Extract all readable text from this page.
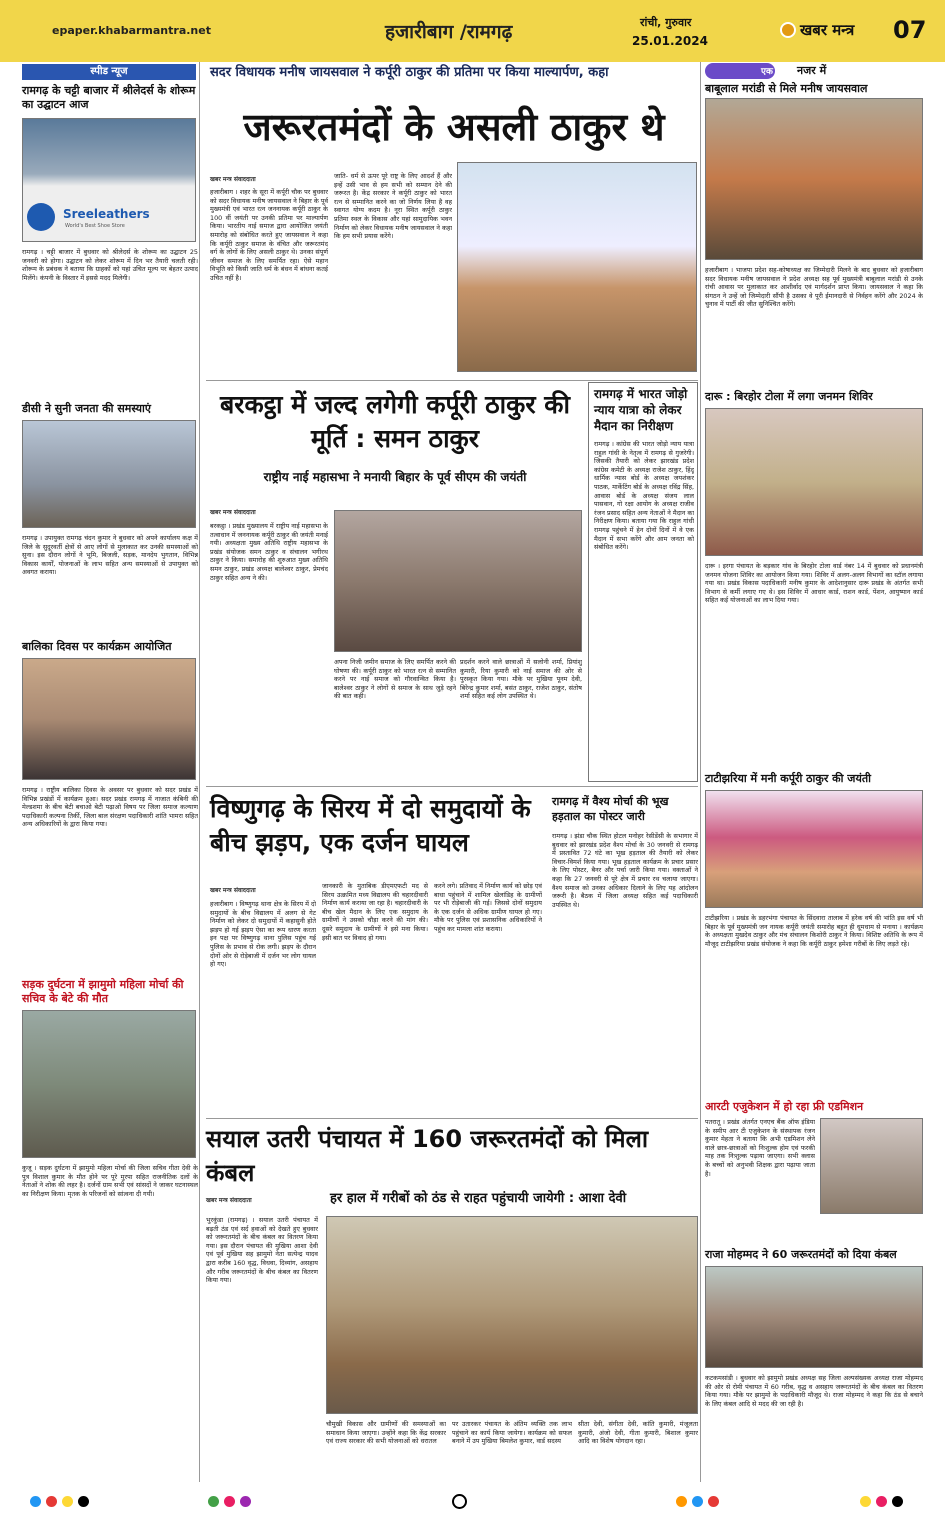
epaper.khabarmantra.net	हजारीबाग /रामगढ़	रांची, गुरुवार
25.01.2024
खबर मन्त्र 07
स्पीड न्यूज
रामगढ़ के चट्टी बाजार में श्रीलेदर्स के शोरूम का उद्घाटन आज
Sreeleathers
World's Best Shoe Store
रामगढ़ । चट्टी बाजार में बुधवार को श्रीलेदर्स के शोरूम का उद्घाटन 25 जनवरी को होगा। उद्घाटन को लेकर शोरूम में दिन भर तैयारी चलती रही। शोरूम के प्रबंधक ने बताया कि ग्राहकों को यहां उचित मूल्य पर बेहतर उत्पाद मिलेंगे। कंपनी के विस्तार में इससे मदद मिलेगी।
डीसी ने सुनी जनता की समस्याएं
रामगढ़ । उपायुक्त रामगढ़ चंदन कुमार ने बुधवार को अपने कार्यालय कक्ष में जिले के सुदूरवर्ती क्षेत्रों से आए लोगों से मुलाकात कर उनकी समस्याओं को सुना। इस दौरान लोगों ने भूमि, बिजली, सड़क, मानदेय भुगतान, विभिन्न विकास कार्यों, योजनाओं के लाभ सहित अन्य समस्याओं से उपायुक्त को अवगत कराया।
बालिका दिवस पर कार्यक्रम आयोजित
रामगढ़ । राष्ट्रीय बालिका दिवस के अवसर पर बुधवार को सदर प्रखंड में विभिन्न प्रखंडों में कार्यक्रम हुआ। सदर प्रखंड रामगढ़ में नाजात कंबिनी की मेल्डशमा के बीच बेटी बचाओ बेटी पढ़ाओ विषय पर जिला समाज कल्याण पदाधिकारी कल्पना तिर्की, जिला बाल संरक्षण पदाधिकारी शांति भामरा सहित अन्य अधिकारियों के द्वारा किया गया।
सड़क दुर्घटना में झामुमो महिला मोर्चा की सचिव के बेटे की मौत
कुजू । सड़क दुर्घटना में झामुमो महिला मोर्चा की जिला सचिव गीता देवी के पुत्र विशाल कुमार के मौत होने पर पूरे मुरपा सहित राजनीतिक दलों के नेताओं ने शोक की लहर है। दर्जनों ग्राम सभी एवं सांसदों ने जाकर घटनास्थल का निरीक्षण किया। मृतक के परिजनों को सांत्वना दी गयी।
सदर विधायक मनीष जायसवाल ने कर्पूरी ठाकुर की प्रतिमा पर किया माल्यार्पण, कहा
जरूरतमंदों के असली ठाकुर थे
खबर मन्त्र संवाददाता
हजारीबाग । शहर के सूरा में कर्पूरी चौक पर बुधवार को सदर विधायक मनीष जायसवाल ने बिहार के पूर्व मुख्यमंत्री एवं भारत रत्न जननायक कर्पूरी ठाकुर के 100 वीं जयंती पर उनकी प्रतिमा पर माल्यार्पण किया। भारतीय नाई समाज द्वारा आयोजित जयंती समारोह को संबोधित करते हुए जायसवाल ने कहा कि कर्पूरी ठाकुर समाज के वंचित और जरूरतमंद वर्ग के लोगों के लिए असली ठाकुर थे। उनका संपूर्ण जीवन समाज के लिए समर्पित रहा। ऐसे महान विभूति को किसी जाति धर्म के बंधन में बांधना कतई उचित नहीं है।
जाति- धर्म से ऊपर पूरे राष्ट्र के लिए आदर्श हैं और इन्हें उसी भाव से हम सभी को सम्मान देने की जरूरत है। केंद्र सरकार ने कर्पूरी ठाकुर को भारत रत्न से सम्मानित करने का जो निर्णय लिया है वह स्वागत योग्य कदम है। नूरा स्थित कर्पूरी ठाकुर प्रतिमा स्थल के विकास और यहां सामुदायिक भवन निर्माण को लेकर विधायक मनीष जायसवाल ने कहा कि हम सभी प्रयास करेंगे।
बरकट्ठा में जल्द लगेगी कर्पूरी ठाकुर की मूर्ति : समन ठाकुर
राष्ट्रीय नाई महासभा ने मनायी बिहार के पूर्व सीएम की जयंती
खबर मन्त्र संवाददाता
बरकट्ठा । प्रखंड मुख्यालय में राष्ट्रीय नाई महासभा के तत्वाधान में जननायक कर्पूरी ठाकुर की जयंती मनाई गयी। अध्यक्षता मुख्य अतिथि राष्ट्रीय महासभा के प्रखंड संयोजक समन ठाकुर व संचालन भगीरथ ठाकुर ने किया। समारोह की शुरुआत मुख्य अतिथि समन ठाकुर, प्रखंड अध्यक्ष बालेश्वर ठाकुर, प्रेमचंद ठाकुर सहित अन्य ने की।
अपना निजी जमीन समाज के लिए समर्पित करने की घोषणा की। कर्पूरी ठाकुर को भारत रत्न से सम्मानित करने पर नाई समाज को गौरवान्वित किया है। बालेश्वर ठाकुर ने लोगों से समाज के साथ जुड़े रहने की बात कही।
प्रदर्शन करने वाले छात्राओं में सलोनी शर्मा, प्रियांशु कुमारी, रिया कुमारी को नाई समाज की ओर से पुरस्कृत किया गया। मौके पर मुखिया पूनम देवी, बिरेन्द्र कुमार शर्मा, बसंत ठाकुर, राजेश ठाकुर, संतोष शर्मा सहित कई लोग उपस्थित थे।
रामगढ़ में भारत जोड़ो न्याय यात्रा को लेकर मैदान का निरीक्षण
रामगढ़ । कांग्रेस की भारत जोड़ो न्याय यात्रा राहुल गांधी के नेतृत्व में रामगढ़ से गुजरेगी। जिसकी तैयारी को लेकर झारखंड प्रदेश कांग्रेस कमेटी के अध्यक्ष राजेश ठाकुर, हिंदू धार्मिक न्यास बोर्ड के अध्यक्ष जयशंकर पाठक, मार्केटिंग बोर्ड के अध्यक्ष रविंद्र सिंह, आवास बोर्ड के अध्यक्ष संजय लाल पासवान, गो रक्षा आयोग के अध्यक्ष राजीव रंजन प्रसाद सहित अन्य नेताओं ने मैदान का निरीक्षण किया। बताया गया कि राहुल गांधी रामगढ़ पहुंचने में हेन दोनों दिनों में वे एक मैदान में सभा करेंगे और आम जनता को संबोधित करेंगे।
विष्णुगढ़ के सिरय में दो समुदायों के बीच झड़प, एक दर्जन घायल
खबर मन्त्र संवाददाता
हजारीबाग । विष्णुगढ़ थाना क्षेत्र के सिरय में दो समुदायों के बीच विद्यालय में अलग से गेट निर्माण को लेकर दो समुदायों में कहासुनी होते झड़प हो गई झड़प ऐसा का रूप धारण करता इन पक्ष पर विष्णुगढ़ थाना पुलिस पहुंच गई पुलिस के प्रभाव से रोक लगी। झड़प के दौरान दोनों ओर से रोड़ेबाजी में दर्जन भर लोग घायल हो गए।
जानकारी के मुताबिक डीएमएफटी मद से सिरय उत्क्रमित मध्य विद्यालय की चहारदीवारी निर्माण कार्य कराया जा रहा है। चहारदीवारी के बीच खेल मैदान के लिए एक समुदाय के ग्रामीणों ने उसको चौड़ा करने की मांग की। दूसरे समुदाय के ग्रामीणों ने इसे मना किया। इसी बात पर विवाद हो गया।
करने लगे। प्रतिवाद में निर्माण कार्य को छोड़ एवं बाधा पहुंचाने में शामिल खेलांडिह के ग्रामीणों पर भी रोड़ेबाजी की गई। जिससे दोनों समुदाय के एक दर्जन से अधिक ग्रामीण घायल हो गए। मौके पर पुलिस एवं प्रशासनिक अधिकारियों ने पहुंच कर मामला शांत कराया।
रामगढ़ में वैश्य मोर्चा की भूख हड़ताल का पोस्टर जारी
रामगढ़ । झंडा चौक स्थित होटल मनोहर रेसीडेंसी के सभागार में बुधवार को झारखंड प्रदेश वैश्य मोर्चा के 30 जनवरी से रामगढ़ में प्रस्तावित 72 घंटे का भूख हड़ताल की तैयारी को लेकर विचार-विमर्श किया गया। भूख हड़ताल कार्यक्रम के प्रचार प्रसार के लिए पोस्टर, बैनर और पर्चा जारी किया गया। वक्ताओं ने कहा कि 27 जनवरी से पूरे क्षेत्र में प्रचार रथ चलाया जाएगा। वैश्य समाज को उनका अधिकार दिलाने के लिए यह आंदोलन जरूरी है। बैठक में जिला अध्यक्ष सहित कई पदाधिकारी उपस्थित थे।
सयाल उतरी पंचायत में 160 जरूरतमंदों को मिला कंबल
हर हाल में गरीबों को ठंड से राहत पहुंचायी जायेगी : आशा देवी
खबर मन्त्र संवाददाता
भुरकुंडा (रामगढ़) । सयाल उतरी पंचायत में बढ़ती ठंड एवं सर्द हवाओं को देखते हुए बुधवार को जरूरतमंदों के बीच कंबल का वितरण किया गया। इस दौरान पंचायत की मुखिया आशा देवी एवं पूर्व मुखिया सह झामुमो नेता सत्येन्द्र यादव द्वारा करीब 160 वृद्ध, विधवा, दिव्यांग, असहाय और गरीब जरूरतमंदों के बीच कंबल का वितरण किया गया।
चौमुखी विकास और ग्रामीणों की समस्याओं का समाधान किया जाएगा। उन्होंने कहा कि केंद्र सरकार एवं राज्य सरकार की सभी योजनाओं को धरातल
पर उतारकर पंचायत के अंतिम व्यक्ति तक लाभ पहुंचाने का कार्य किया जायेगा। कार्यक्रम को सफल बनाने में उप मुखिया बिमलेश कुमार, वार्ड सदस्य
सीता देवी, संगीता देवी, कांति कुमारी, मंजूलता कुमारी, अंजो देवी, गीता कुमारी, बिशाल कुमार आदि का विशेष योगदान रहा।
एक नजर में
बाबूलाल मरांडी से मिले मनीष जायसवाल
हजारीबाग । भाजपा प्रदेश सह-कोषाध्यक्ष का जिम्मेदारी मिलने के बाद बुधवार को हजारीबाग सदर विधायक मनीष जायसवाल ने प्रदेश अध्यक्ष सह पूर्व मुख्यमंत्री बाबूलाल मरांडी से उनके रांची आवास पर मुलाकात कर आशीर्वाद एवं मार्गदर्शन प्राप्त किया। जायसवाल ने कहा कि संगठन ने उन्हें जो जिम्मेदारी सौंपी है उसका वे पूरी ईमानदारी से निर्वहन करेंगे और 2024 के चुनाव में पार्टी की जीत सुनिश्चित करेंगे।
दारू : बिरहोर टोला में लगा जनमन शिविर
दारू । इरगा पंचायत के बड़कार गांव के बिरहोर टोला वार्ड नंबर 14 में बुधवार को प्रधानमंत्री जनमन योजना शिविर का आयोजन किया गया। शिविर में अलग-अलग विभागों का स्टॉल लगाया गया था। प्रखंड विकास पदाधिकारी मनीष कुमार के आदेशानुसार दारू प्रखंड के अंतर्गत सभी विभाग से कर्मी लगाए गए थे। इस शिविर में आधार कार्ड, राशन कार्ड, पेंशन, आयुष्मान कार्ड सहित कई योजनाओं का लाभ दिया गया।
टाटीझरिया में मनी कर्पूरी ठाकुर की जयंती
टाटीझरिया । प्रखंड के डहरभंगा पंचायत के सिंदवारा तालाब में हरेक वर्ष की भांति इस वर्ष भी बिहार के पूर्व मुख्यमंत्री जन नायक कर्पूरी जयंती समारोह बहुत ही धूमधाम से मनाया । कार्यक्रम के अध्यक्षता मुखदेव ठाकुर और मंच संचालन किशोरी ठाकुर ने किया। विशिष्ट अतिथि के रूप में मौजूद टाटीझरिया प्रखंड संयोजक ने कहा कि कर्पूरी ठाकुर हमेशा गरीबों के लिए लड़ते रहे।
आरटी एजुकेशन में हो रहा फ्री एडमिशन
पतरातू । प्रखंड अंतर्गत एनएच बैंक ऑफ इंडिया के समीप आर टी एजुकेशन के संस्थापक रंजन कुमार मेहता ने बताया कि अभी एडमिशन लेने वाले छात्र-छात्राओं को निःशुल्क होम एवं फरकी माह तक निःशुल्क पढ़ाया जाएगा। सभी क्लास के बच्चों को अनुभवी शिक्षक द्वारा पढ़ाया जाता है।
राजा मोहम्मद ने 60 जरूरतमंदों को दिया कंबल
कटकमसांडी । बुधवार को झामुमो प्रखंड अध्यक्ष सह जिला अल्पसंख्यक अध्यक्ष राजा मोहम्मद की ओर से रोमी पंचायत में 60 गरीब, वृद्ध व असहाय जरूरतमंदों के बीच कंबल का वितरण किया गया। मौके पर झामुमो के पदाधिकारी मौजूद थे। राजा मोहम्मद ने कहा कि ठंड से बचाने के लिए कंबल आदि से मदद की जा रही है।
